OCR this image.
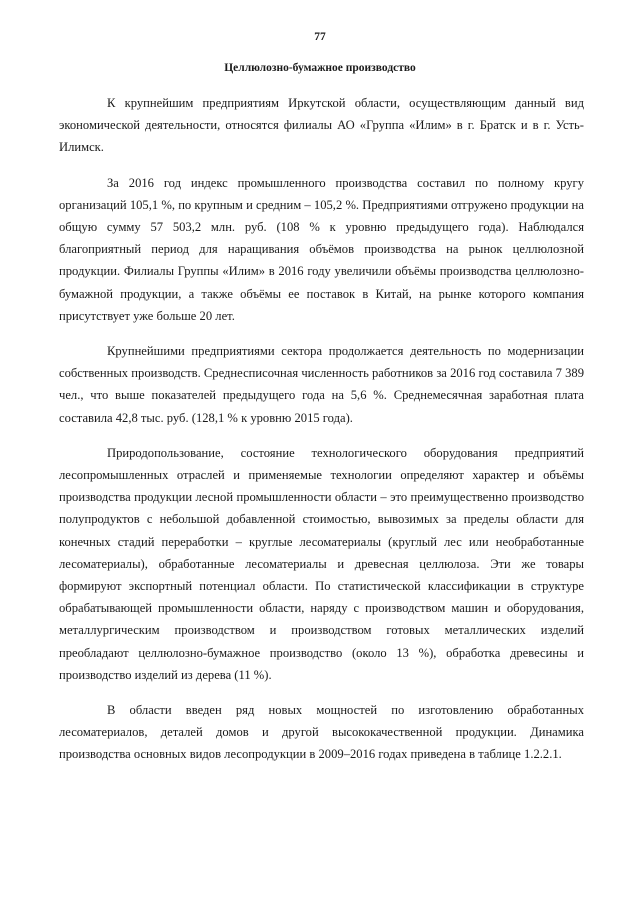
77
Целлюлозно-бумажное производство

К крупнейшим предприятиям Иркутской области, осуществляющим данный вид экономической деятельности, относятся филиалы АО «Группа «Илим» в г. Братск и в г. Усть-Илимск.

За 2016 год индекс промышленного производства составил по полному кругу организаций 105,1 %, по крупным и средним – 105,2 %. Предприятиями отгружено продукции на общую сумму 57 503,2 млн. руб. (108 % к уровню предыдущего года). Наблюдался благоприятный период для наращивания объёмов производства на рынок целлюлозной продукции. Филиалы Группы «Илим» в 2016 году увеличили объёмы производства целлюлозно-бумажной продукции, а также объёмы ее поставок в Китай, на рынке которого компания присутствует уже больше 20 лет.

Крупнейшими предприятиями сектора продолжается деятельность по модернизации собственных производств. Среднесписочная численность работников за 2016 год составила 7 389 чел., что выше показателей предыдущего года на 5,6 %. Среднемесячная заработная плата составила 42,8 тыс. руб. (128,1 % к уровню 2015 года).

Природопользование, состояние технологического оборудования предприятий лесопромышленных отраслей и применяемые технологии определяют характер и объёмы производства продукции лесной промышленности области – это преимущественно производство полупродуктов с небольшой добавленной стоимостью, вывозимых за пределы области для конечных стадий переработки – круглые лесоматериалы (круглый лес или необработанные лесоматериалы), обработанные лесоматериалы и древесная целлюлоза. Эти же товары формируют экспортный потенциал области. По статистической классификации в структуре обрабатывающей промышленности области, наряду с производством машин и оборудования, металлургическим производством и производством готовых металлических изделий преобладают целлюлозно-бумажное производство (около 13 %), обработка древесины и производство изделий из дерева (11 %).

В области введен ряд новых мощностей по изготовлению обработанных лесоматериалов, деталей домов и другой высококачественной продукции. Динамика производства основных видов лесопродукции в 2009–2016 годах приведена в таблице 1.2.2.1.
